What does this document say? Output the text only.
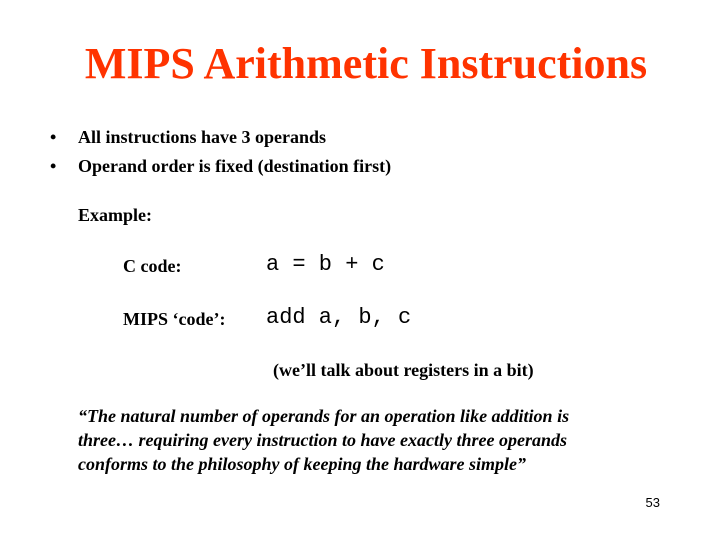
MIPS Arithmetic Instructions
•	All instructions have 3 operands
•	Operand order is fixed (destination first)
Example:
C code:	a = b + c
MIPS ‘code’: add a, b, c
(we’ll talk about registers in a bit)
“The natural number of operands for an operation like addition is
three… requiring every instruction to have exactly three operands
conforms to the philosophy of keeping the hardware simple”
53
